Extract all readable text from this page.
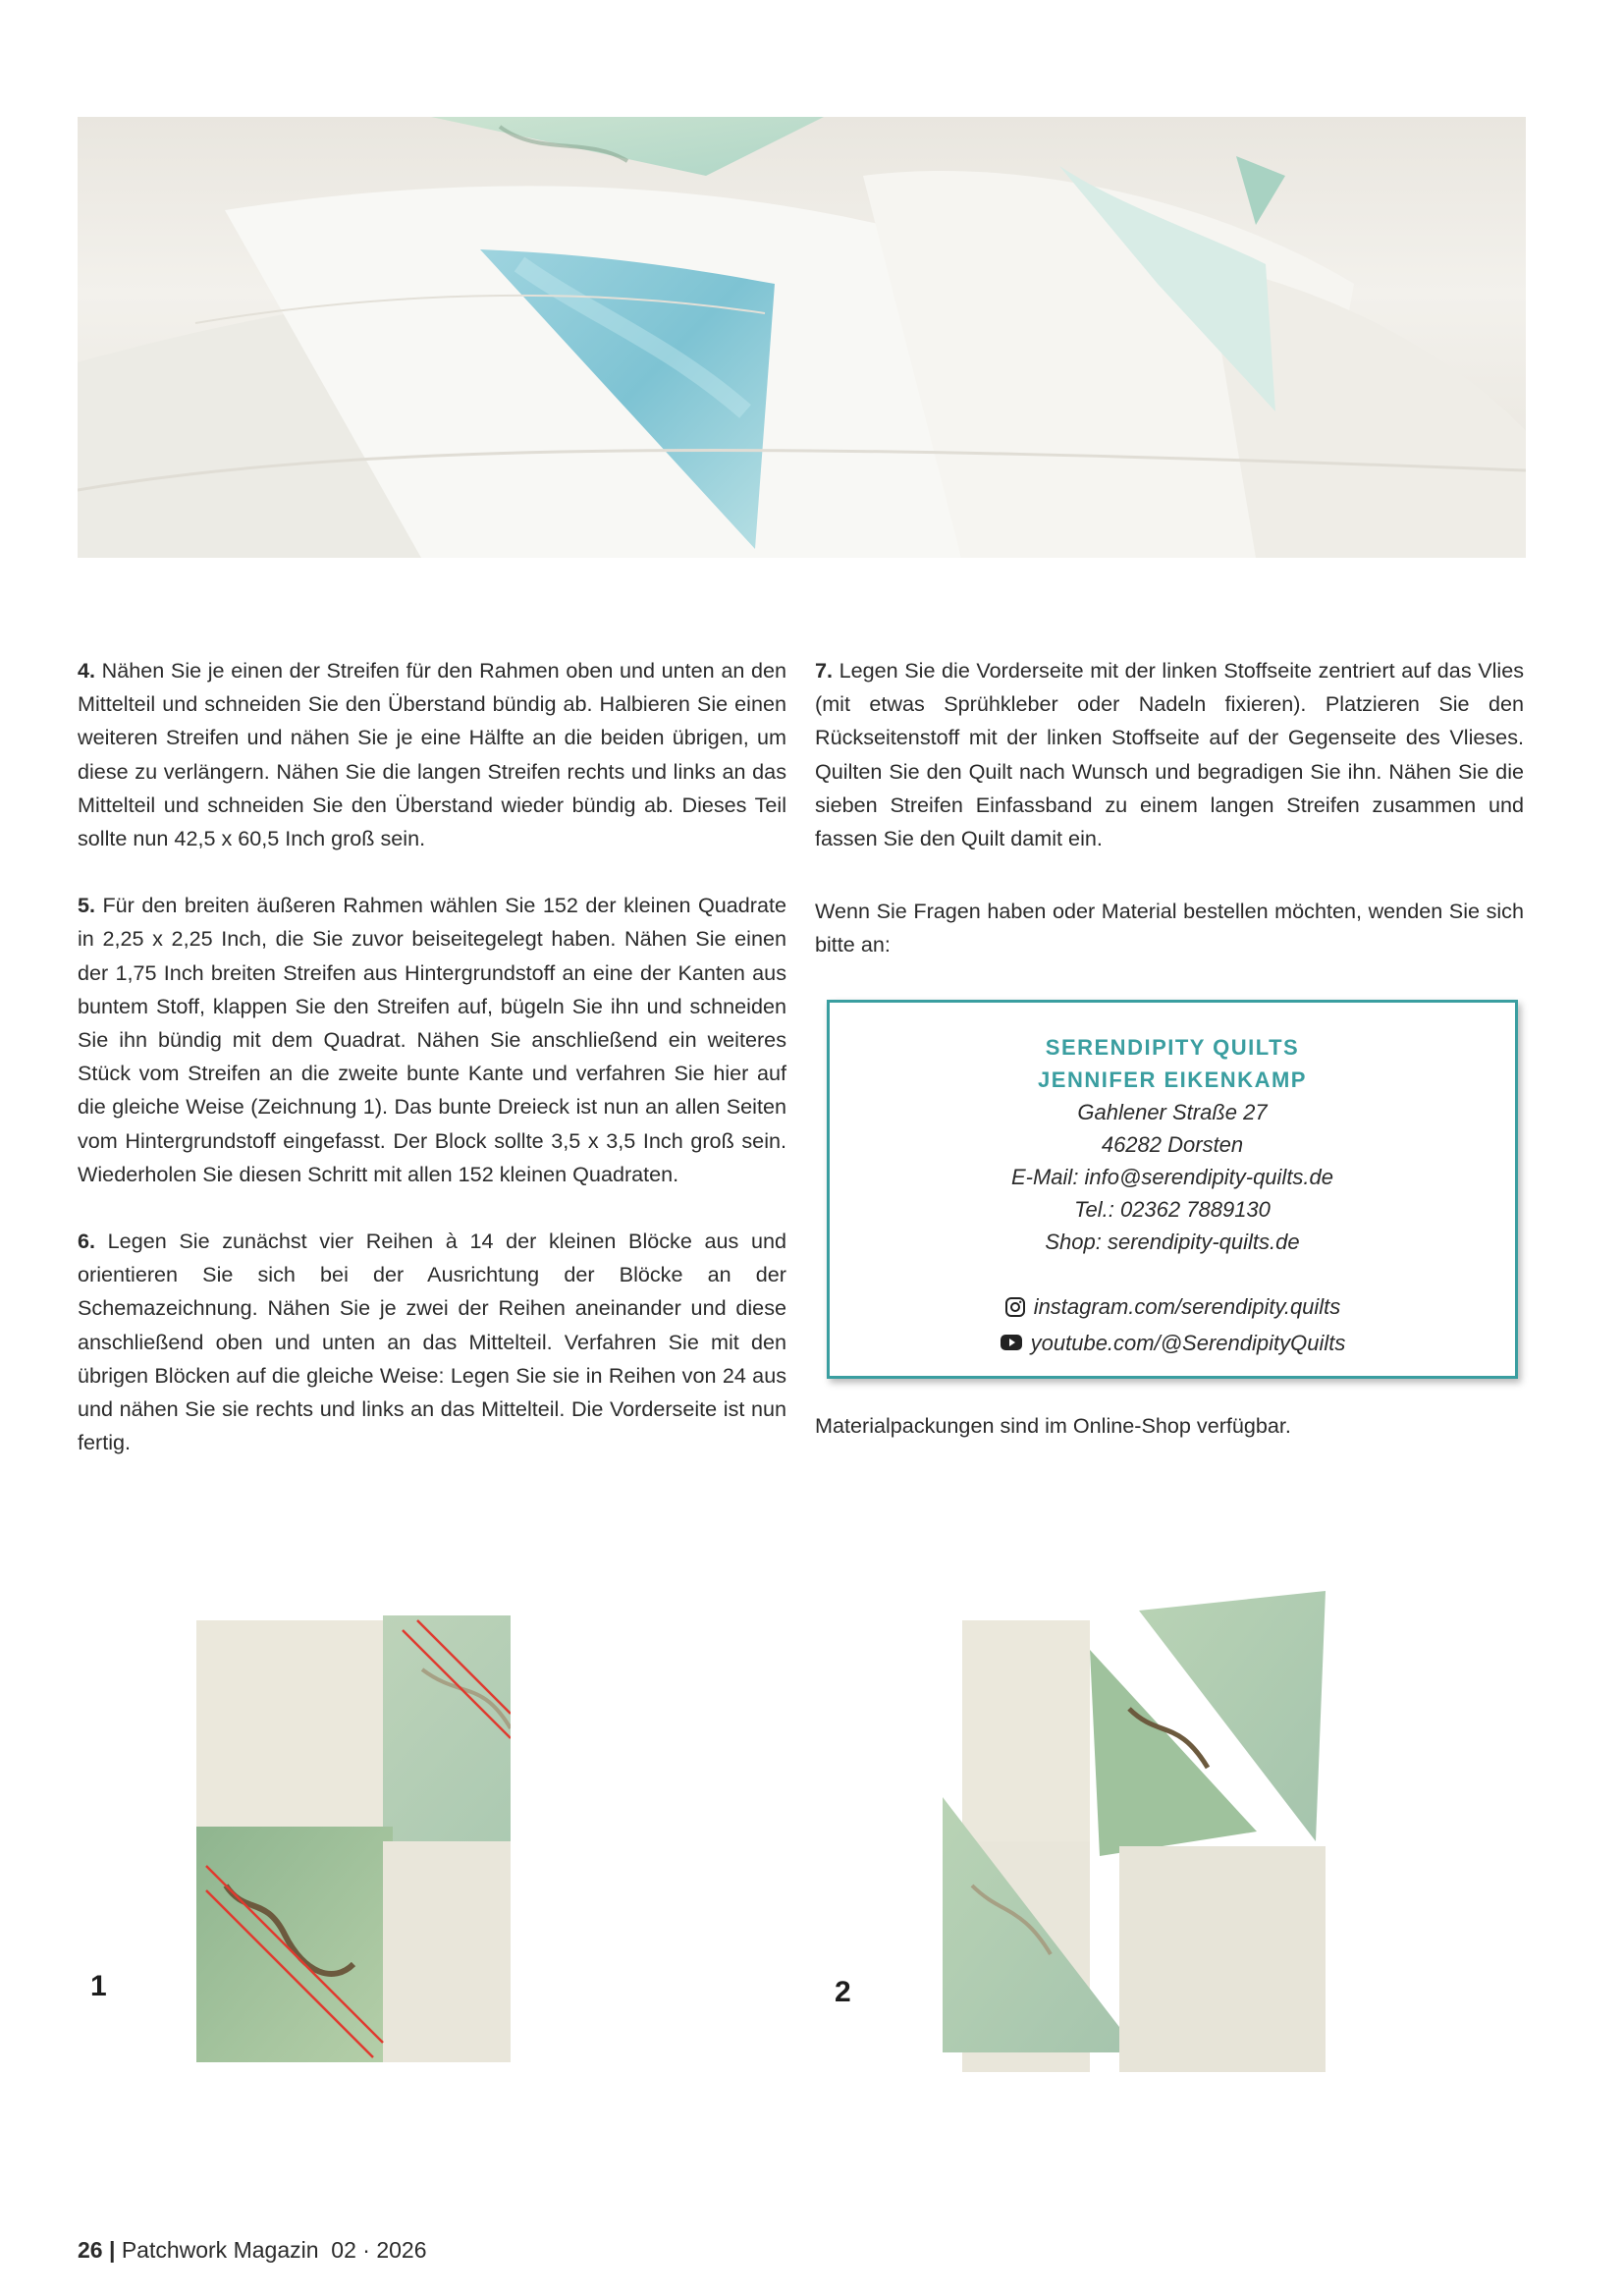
4. Nähen Sie je einen der Streifen für den Rahmen oben und unten an den Mittelteil und schneiden Sie den Überstand bündig ab. Halbieren Sie einen weiteren Streifen und nähen Sie je eine Hälfte an die beiden übrigen, um diese zu verlängern. Nähen Sie die langen Streifen rechts und links an das Mittelteil und schneiden Sie den Überstand wieder bündig ab. Dieses Teil sollte nun 42,5 x 60,5 Inch groß sein.

5. Für den breiten äußeren Rahmen wählen Sie 152 der kleinen Quadrate in 2,25 x 2,25 Inch, die Sie zuvor beiseitegelegt haben. Nähen Sie einen der 1,75 Inch breiten Streifen aus Hintergrundstoff an eine der Kanten aus buntem Stoff, klappen Sie den Streifen auf, bügeln Sie ihn und schneiden Sie ihn bündig mit dem Quadrat. Nähen Sie anschließend ein weiteres Stück vom Streifen an die zweite bunte Kante und verfahren Sie hier auf die gleiche Weise (Zeichnung 1). Das bunte Dreieck ist nun an allen Seiten vom Hintergrundstoff eingefasst. Der Block sollte 3,5 x 3,5 Inch groß sein. Wiederholen Sie diesen Schritt mit allen 152 kleinen Quadraten.

6. Legen Sie zunächst vier Reihen à 14 der kleinen Blöcke aus und orientieren Sie sich bei der Ausrichtung der Blöcke an der Schemazeichnung. Nähen Sie je zwei der Reihen aneinander und diese anschließend oben und unten an das Mittelteil. Verfahren Sie mit den übrigen Blöcken auf die gleiche Weise: Legen Sie sie in Reihen von 24 aus und nähen Sie sie rechts und links an das Mittelteil. Die Vorderseite ist nun fertig.

7. Legen Sie die Vorderseite mit der linken Stoffseite zentriert auf das Vlies (mit etwas Sprühkleber oder Nadeln fixieren). Platzieren Sie den Rückseitenstoff mit der linken Stoffseite auf der Gegenseite des Vlieses. Quilten Sie den Quilt nach Wunsch und begradigen Sie ihn. Nähen Sie die sieben Streifen Einfassband zu einem langen Streifen zusammen und fassen Sie den Quilt damit ein.

Wenn Sie Fragen haben oder Material bestellen möchten, wenden Sie sich bitte an:

SERENDIPITY QUILTS
JENNIFER EIKENKAMP
Gahlener Straße 27
46282 Dorsten
E-Mail: info@serendipity-quilts.de
Tel.: 02362 7889130
Shop: serendipity-quilts.de
instagram.com/serendipity.quilts
youtube.com/@SerendipityQuilts
Materialpackungen sind im Online-Shop verfügbar.
1	2
26 | Patchwork Magazin 02 · 2026
